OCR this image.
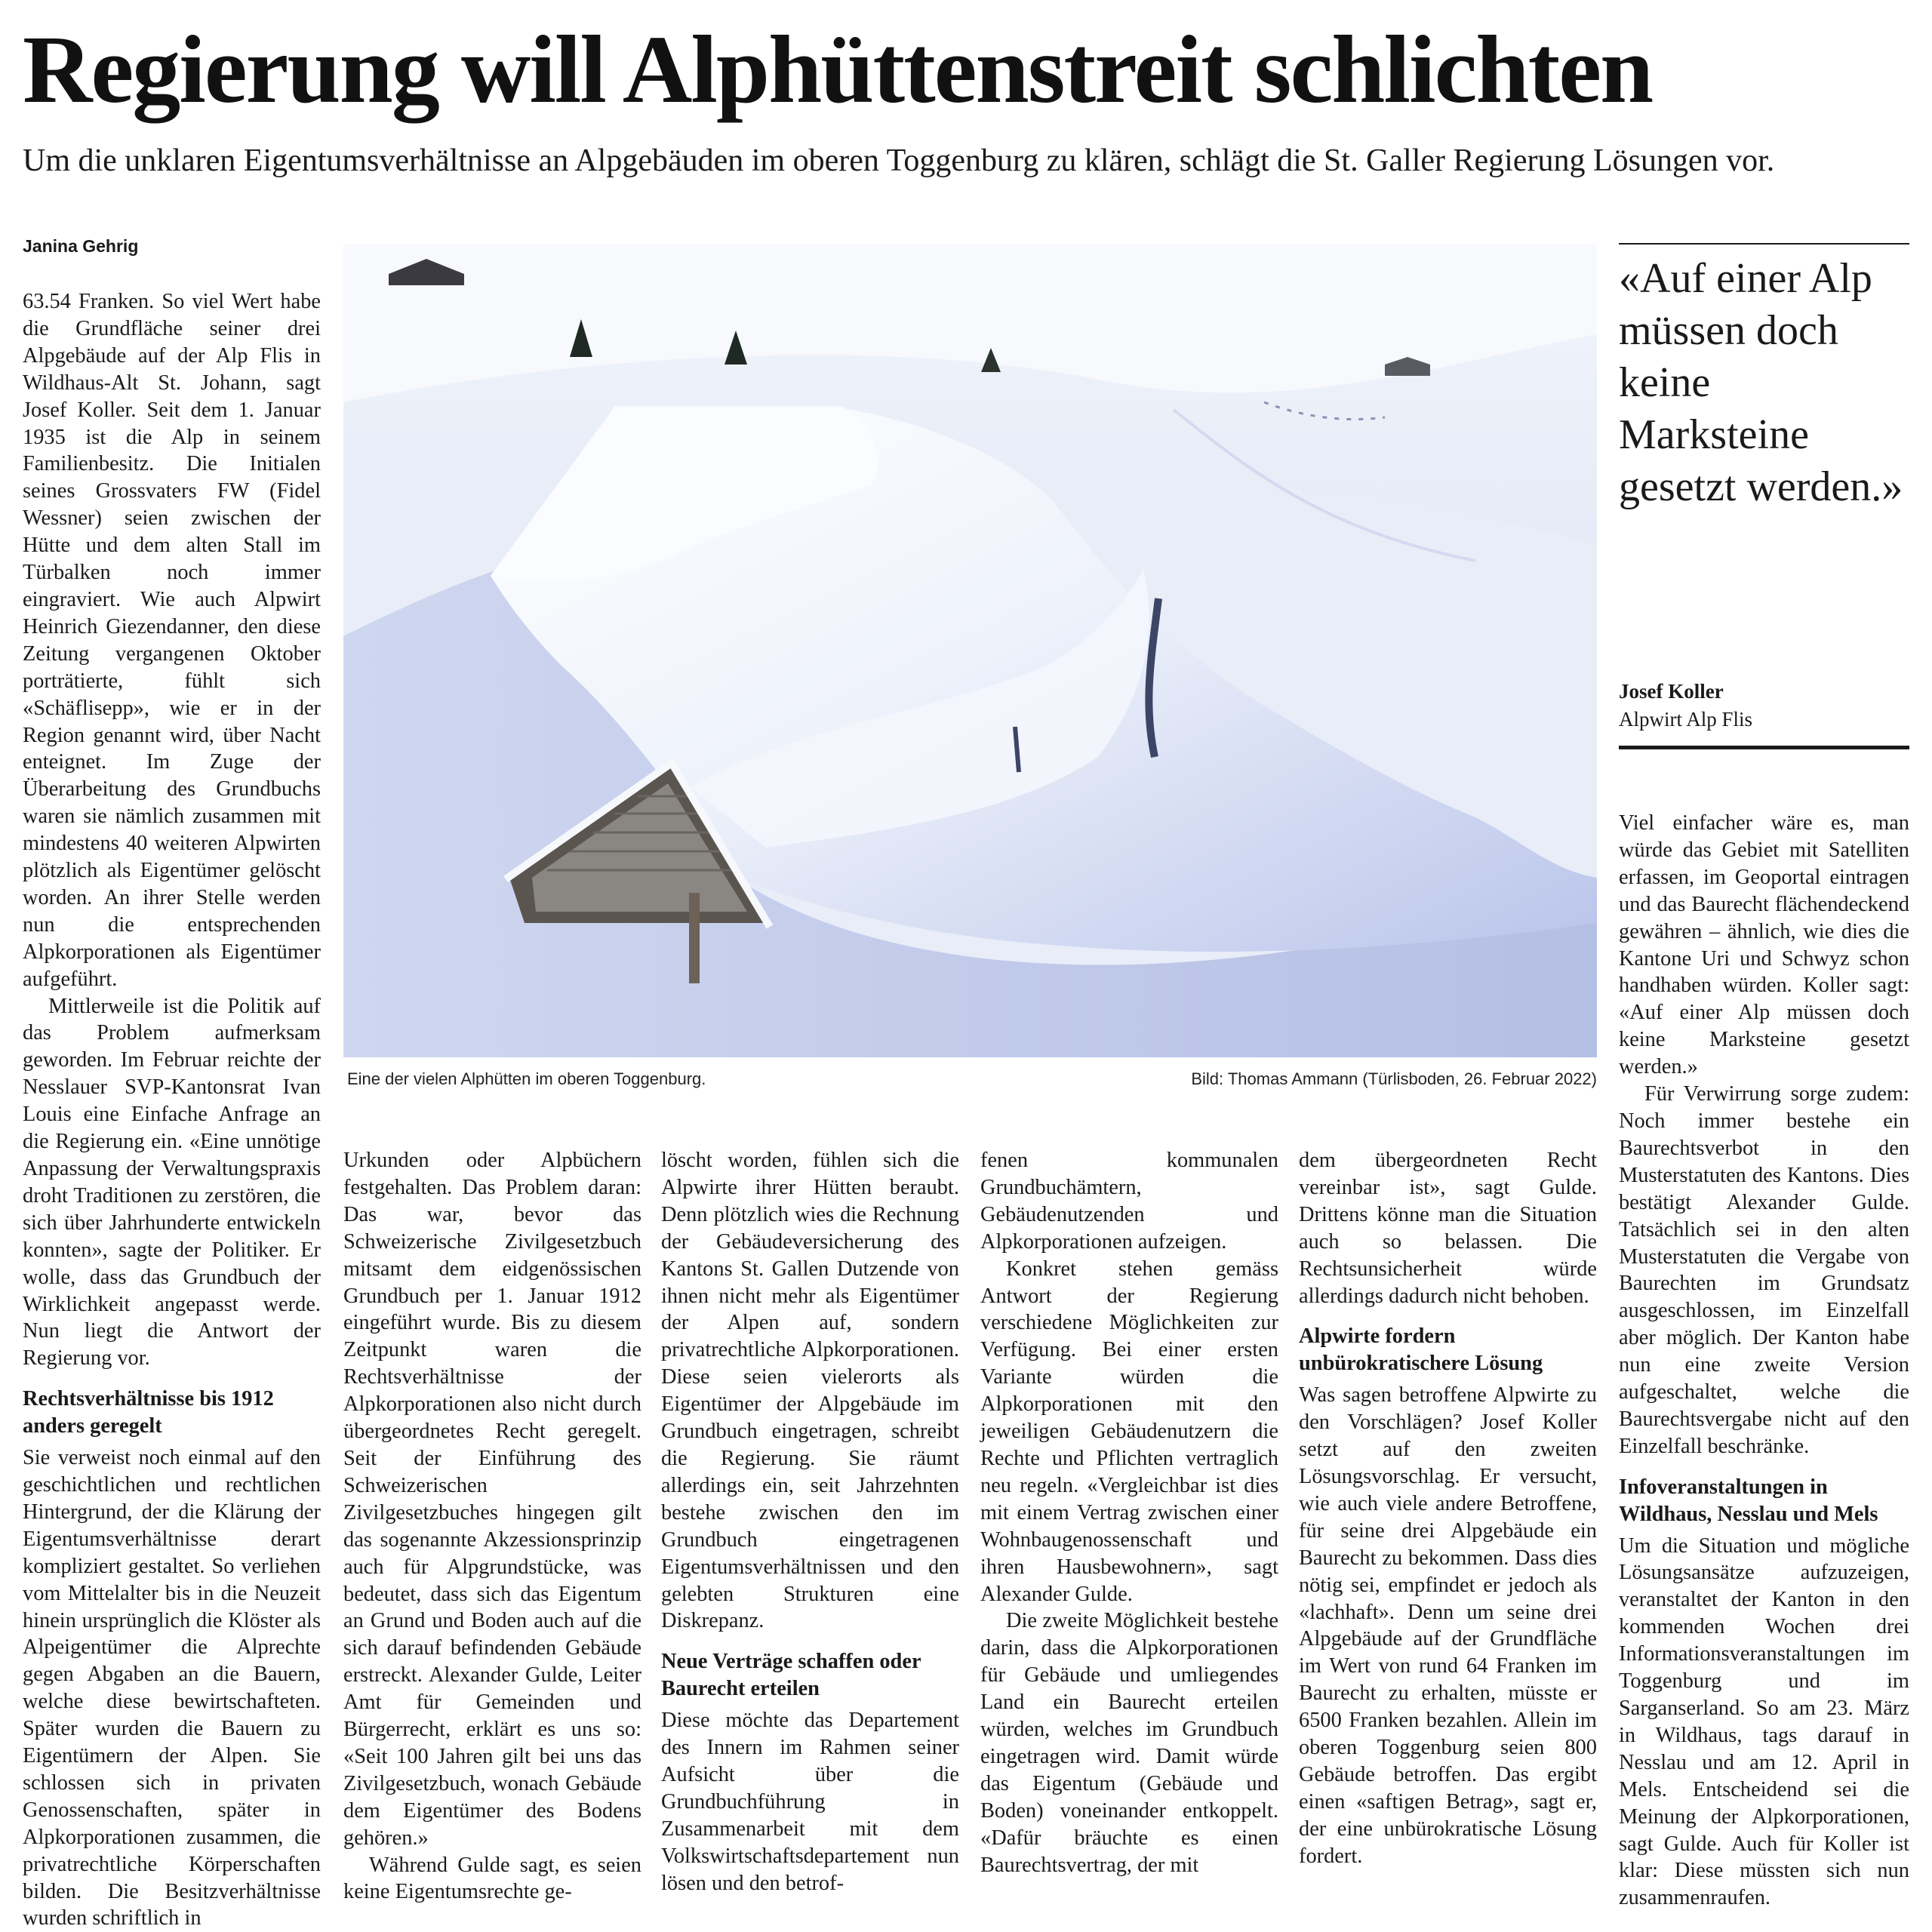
Regierung will Alphüttenstreit schlichten
Um die unklaren Eigentumsverhältnisse an Alpgebäuden im oberen Toggenburg zu klären, schlägt die St. Galler Regierung Lösungen vor.
Janina Gehrig

63.54 Franken. So viel Wert habe die Grundfläche seiner drei Alpgebäude auf der Alp Flis in Wildhaus-Alt St. Johann, sagt Josef Koller. Seit dem 1. Januar 1935 ist die Alp in seinem Familienbesitz. Die Initialen seines Grossvaters FW (Fidel Wessner) seien zwischen der Hütte und dem alten Stall im Türbalken noch immer eingraviert. Wie auch Alpwirt Heinrich Giezendanner, den diese Zeitung vergangenen Oktober porträtierte, fühlt sich «Schäflisepp», wie er in der Region genannt wird, über Nacht enteignet. Im Zuge der Überarbeitung des Grundbuchs waren sie nämlich zusammen mit mindestens 40 weiteren Alpwirten plötzlich als Eigentümer gelöscht worden. An ihrer Stelle werden nun die entsprechenden Alpkorporationen als Eigentümer aufgeführt.

Mittlerweile ist die Politik auf das Problem aufmerksam geworden. Im Februar reichte der Nesslauer SVP-Kantonsrat Ivan Louis eine Einfache Anfrage an die Regierung ein. «Eine unnötige Anpassung der Verwaltungspraxis droht Traditionen zu zerstören, die sich über Jahrhunderte entwickeln konnten», sagte der Politiker. Er wolle, dass das Grundbuch der Wirklichkeit angepasst werde. Nun liegt die Antwort der Regierung vor.

Rechtsverhältnisse bis 1912 anders geregelt

Sie verweist noch einmal auf den geschichtlichen und rechtlichen Hintergrund, der die Klärung der Eigentumsverhältnisse derart kompliziert gestaltet. So verliehen vom Mittelalter bis in die Neuzeit hinein ursprünglich die Klöster als Alpeigentümer die Alprechte gegen Abgaben an die Bauern, welche diese bewirtschafteten. Später wurden die Bauern zu Eigentümern der Alpen. Sie schlossen sich in privaten Genossenschaften, später in Alpkorporationen zusammen, die privatrechtliche Körperschaften bilden. Die Besitzverhältnisse wurden schriftlich in

Eine der vielen Alphütten im oberen Toggenburg.	Bild: Thomas Ammann (Türlisboden, 26. Februar 2022)
«Auf einer Alp müssen doch keine Marksteine gesetzt werden.»
Josef Koller
Alpwirt Alp Flis

Urkunden oder Alpbüchern festgehalten. Das Problem daran: Das war, bevor das Schweizerische Zivilgesetzbuch mitsamt dem eidgenössischen Grundbuch per 1. Januar 1912 eingeführt wurde. Bis zu diesem Zeitpunkt waren die Rechtsverhältnisse der Alpkorporationen also nicht durch übergeordnetes Recht geregelt. Seit der Einführung des Schweizerischen Zivilgesetzbuches hingegen gilt das sogenannte Akzessionsprinzip auch für Alpgrundstücke, was bedeutet, dass sich das Eigentum an Grund und Boden auch auf die sich darauf befindenden Gebäude erstreckt. Alexander Gulde, Leiter Amt für Gemeinden und Bürgerrecht, erklärt es uns so: «Seit 100 Jahren gilt bei uns das Zivilgesetzbuch, wonach Gebäude dem Eigentümer des Bodens gehören.»

Während Gulde sagt, es seien keine Eigentumsrechte ge-

löscht worden, fühlen sich die Alpwirte ihrer Hütten beraubt. Denn plötzlich wies die Rechnung der Gebäudeversicherung des Kantons St. Gallen Dutzende von ihnen nicht mehr als Eigentümer der Alpen auf, sondern privatrechtliche Alpkorporationen. Diese seien vielerorts als Eigentümer der Alpgebäude im Grundbuch eingetragen, schreibt die Regierung. Sie räumt allerdings ein, seit Jahrzehnten bestehe zwischen den im Grundbuch eingetragenen Eigentumsverhältnissen und den gelebten Strukturen eine Diskrepanz.

Neue Verträge schaffen oder Baurecht erteilen

Diese möchte das Departement des Innern im Rahmen seiner Aufsicht über die Grundbuchführung in Zusammenarbeit mit dem Volkswirtschaftsdepartement nun lösen und den betrof-

fenen kommunalen Grundbuchämtern, Gebäudenutzenden und Alpkorporationen aufzeigen.

Konkret stehen gemäss Antwort der Regierung verschiedene Möglichkeiten zur Verfügung. Bei einer ersten Variante würden die Alpkorporationen mit den jeweiligen Gebäudenutzern die Rechte und Pflichten vertraglich neu regeln. «Vergleichbar ist dies mit einem Vertrag zwischen einer Wohnbaugenossenschaft und ihren Hausbewohnern», sagt Alexander Gulde.

Die zweite Möglichkeit bestehe darin, dass die Alpkorporationen für Gebäude und umliegendes Land ein Baurecht erteilen würden, welches im Grundbuch eingetragen wird. Damit würde das Eigentum (Gebäude und Boden) voneinander entkoppelt. «Dafür bräuchte es einen Baurechtsvertrag, der mit

dem übergeordneten Recht vereinbar ist», sagt Gulde. Drittens könne man die Situation auch so belassen. Die Rechtsunsicherheit würde allerdings dadurch nicht behoben.

Alpwirte fordern unbürokratischere Lösung

Was sagen betroffene Alpwirte zu den Vorschlägen? Josef Koller setzt auf den zweiten Lösungsvorschlag. Er versucht, wie auch viele andere Betroffene, für seine drei Alpgebäude ein Baurecht zu bekommen. Dass dies nötig sei, empfindet er jedoch als «lachhaft». Denn um seine drei Alpgebäude auf der Grundfläche im Wert von rund 64 Franken im Baurecht zu erhalten, müsste er 6500 Franken bezahlen. Allein im oberen Toggenburg seien 800 Gebäude betroffen. Das ergibt einen «saftigen Betrag», sagt er, der eine unbürokratische Lösung fordert.

Viel einfacher wäre es, man würde das Gebiet mit Satelliten erfassen, im Geoportal eintragen und das Baurecht flächendeckend gewähren – ähnlich, wie dies die Kantone Uri und Schwyz schon handhaben würden. Koller sagt: «Auf einer Alp müssen doch keine Marksteine gesetzt werden.»

Für Verwirrung sorge zudem: Noch immer bestehe ein Baurechtsverbot in den Musterstatuten des Kantons. Dies bestätigt Alexander Gulde. Tatsächlich sei in den alten Musterstatuten die Vergabe von Baurechten im Grundsatz ausgeschlossen, im Einzelfall aber möglich. Der Kanton habe nun eine zweite Version aufgeschaltet, welche die Baurechtsvergabe nicht auf den Einzelfall beschränke.

Infoveranstaltungen in Wildhaus, Nesslau und Mels

Um die Situation und mögliche Lösungsansätze aufzuzeigen, veranstaltet der Kanton in den kommenden Wochen drei Informationsveranstaltungen im Toggenburg und im Sarganserland. So am 23. März in Wildhaus, tags darauf in Nesslau und am 12. April in Mels. Entscheidend sei die Meinung der Alpkorporationen, sagt Gulde. Auch für Koller ist klar: Diese müssten sich nun zusammenraufen.
